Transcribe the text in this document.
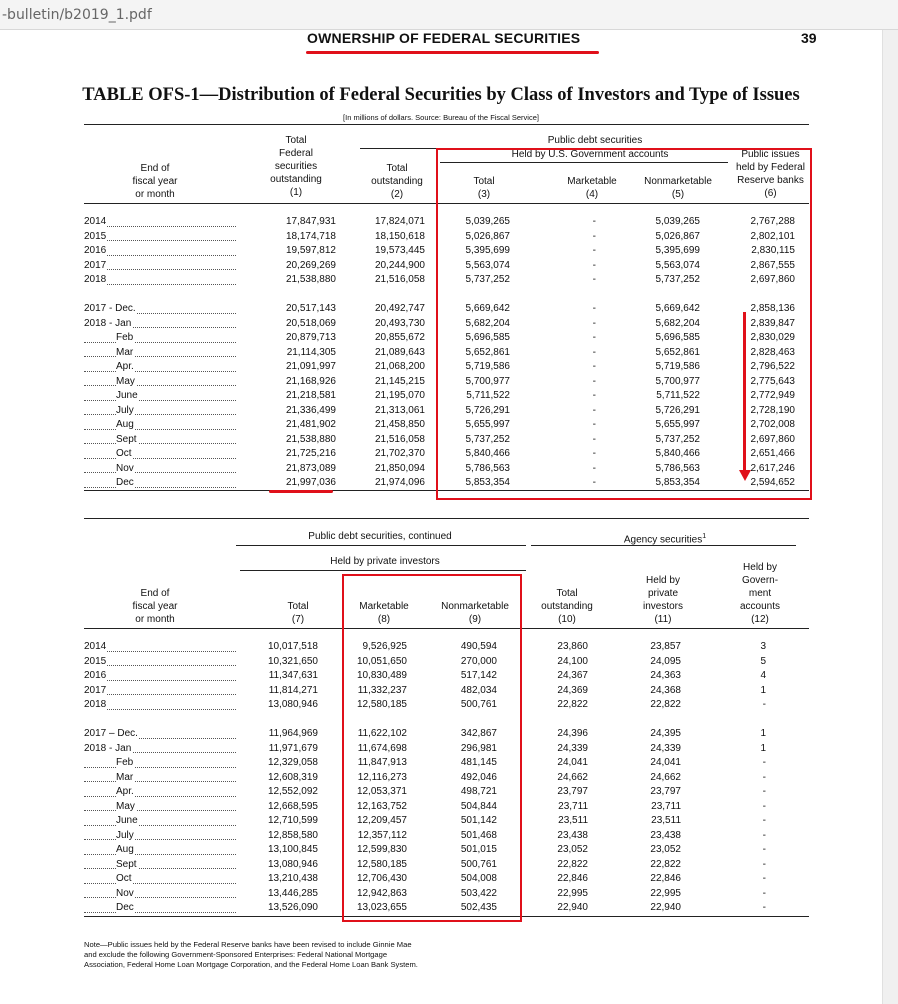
-bulletin/b2019_1.pdf
OWNERSHIP OF FEDERAL SECURITIES	39
TABLE OFS-1—Distribution of Federal Securities by Class of Investors and Type of Issues
[In millions of dollars. Source: Bureau of the Fiscal Service]
Public debt securities
Held by U.S. Government accounts
End of
fiscal year
or month
Total
Federal
securities
outstanding
(1)
Total
outstanding
(2)
Total
(3)
Marketable
(4)
Nonmarketable
(5)
Public issues
held by Federal
Reserve banks
(6)
2014	17,847,931	17,824,071	5,039,265	-	5,039,265	2,767,288
2015	18,174,718	18,150,618	5,026,867	-	5,026,867	2,802,101
2016	19,597,812	19,573,445	5,395,699	-	5,395,699	2,830,115
2017	20,269,269	20,244,900	5,563,074	-	5,563,074	2,867,555
2018	21,538,880	21,516,058	5,737,252	-	5,737,252	2,697,860
2017 - Dec.	20,517,143	20,492,747	5,669,642	-	5,669,642	2,858,136
2018 - Jan	20,518,069	20,493,730	5,682,204	-	5,682,204	2,839,847
Feb	20,879,713	20,855,672	5,696,585	-	5,696,585	2,830,029
Mar	21,114,305	21,089,643	5,652,861	-	5,652,861	2,828,463
Apr.	21,091,997	21,068,200	5,719,586	-	5,719,586	2,796,522
May	21,168,926	21,145,215	5,700,977	-	5,700,977	2,775,643
June	21,218,581	21,195,070	5,711,522	-	5,711,522	2,772,949
July	21,336,499	21,313,061	5,726,291	-	5,726,291	2,728,190
Aug	21,481,902	21,458,850	5,655,997	-	5,655,997	2,702,008
Sept	21,538,880	21,516,058	5,737,252	-	5,737,252	2,697,860
Oct	21,725,216	21,702,370	5,840,466	-	5,840,466	2,651,466
Nov	21,873,089	21,850,094	5,786,563	-	5,786,563	2,617,246
Dec	21,997,036	21,974,096	5,853,354	-	5,853,354	2,594,652
Public debt securities, continued	Agency securities$^1$
Held by private investors
End of
fiscal year
or month
Total
(7)
Marketable
(8)
Nonmarketable
(9)
Total
outstanding
(10)
Held by
private
investors
(11)
Held by
Govern-
ment
accounts
(12)
2014	10,017,518	9,526,925	490,594	23,860	23,857	3
2015	10,321,650	10,051,650	270,000	24,100	24,095	5
2016	11,347,631	10,830,489	517,142	24,367	24,363	4
2017	11,814,271	11,332,237	482,034	24,369	24,368	1
2018	13,080,946	12,580,185	500,761	22,822	22,822	-
2017 – Dec.	11,964,969	11,622,102	342,867	24,396	24,395	1
2018 - Jan	11,971,679	11,674,698	296,981	24,339	24,339	1
Feb	12,329,058	11,847,913	481,145	24,041	24,041	-
Mar	12,608,319	12,116,273	492,046	24,662	24,662	-
Apr.	12,552,092	12,053,371	498,721	23,797	23,797	-
May	12,668,595	12,163,752	504,844	23,711	23,711	-
June	12,710,599	12,209,457	501,142	23,511	23,511	-
July	12,858,580	12,357,112	501,468	23,438	23,438	-
Aug	13,100,845	12,599,830	501,015	23,052	23,052	-
Sept	13,080,946	12,580,185	500,761	22,822	22,822	-
Oct	13,210,438	12,706,430	504,008	22,846	22,846	-
Nov	13,446,285	12,942,863	503,422	22,995	22,995	-
Dec	13,526,090	13,023,655	502,435	22,940	22,940	-
Note—Public issues held by the Federal Reserve banks have been revised to include Ginnie Mae and exclude the following Government-Sponsored Enterprises: Federal National Mortgage Association, Federal Home Loan Mortgage Corporation, and the Federal Home Loan Bank System.
